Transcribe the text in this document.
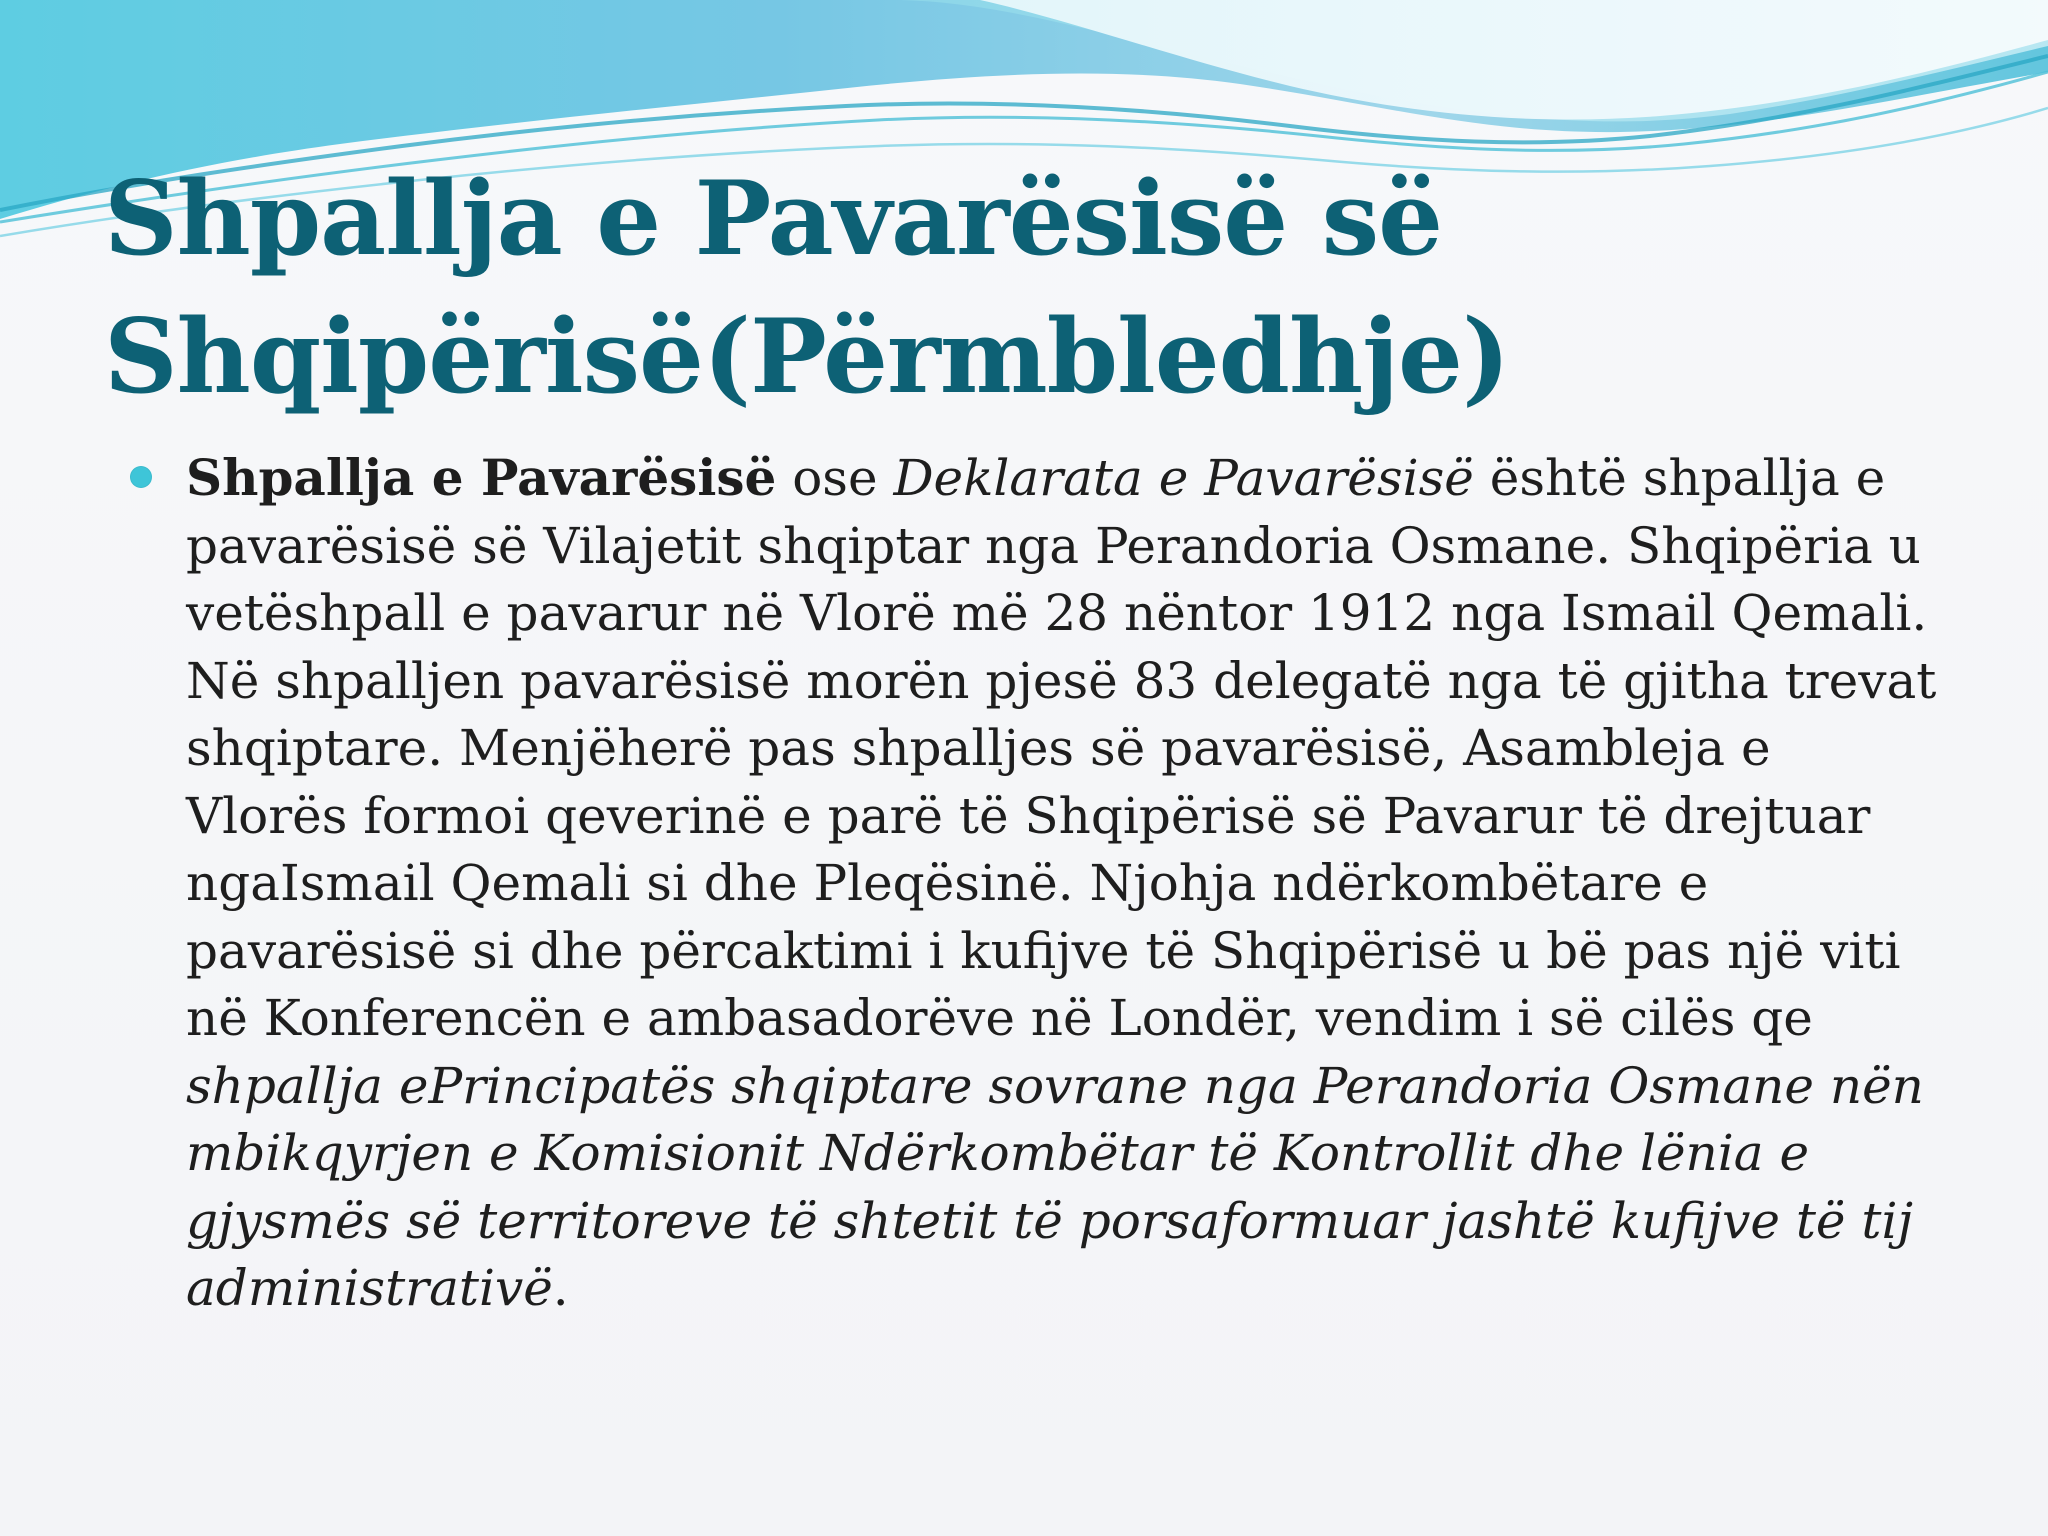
Shpallja e Pavarësisë së
Shqipërisë(Përmbledhje)

Shpallja e Pavarësisë ose Deklarata e Pavarësisë është shpallja e pavarësisë së Vilajetit shqiptar nga Perandoria Osmane. Shqipëria u vetëshpall e pavarur në Vlorë më 28 nëntor 1912 nga Ismail Qemali. Në shpalljen pavarësisë morën pjesë 83 delegatë nga të gjitha trevat shqiptare. Menjëherë pas shpalljes së pavarësisë, Asambleja e Vlorës formoi qeverinë e parë të Shqipërisë së Pavarur të drejtuar ngaIsmail Qemali si dhe Pleqësinë. Njohja ndërkombëtare e pavarësisë si dhe përcaktimi i kufijve të Shqipërisë u bë pas një viti në Konferencën e ambasadorëve në Londër, vendim i së cilës qe shpallja ePrincipatës shqiptare sovrane nga Perandoria Osmane nën mbikqyrjen e Komisionit Ndërkombëtar të Kontrollit dhe lënia e gjysmës së territoreve të shtetit të porsaformuar jashtë kufijve të tij administrativë.
